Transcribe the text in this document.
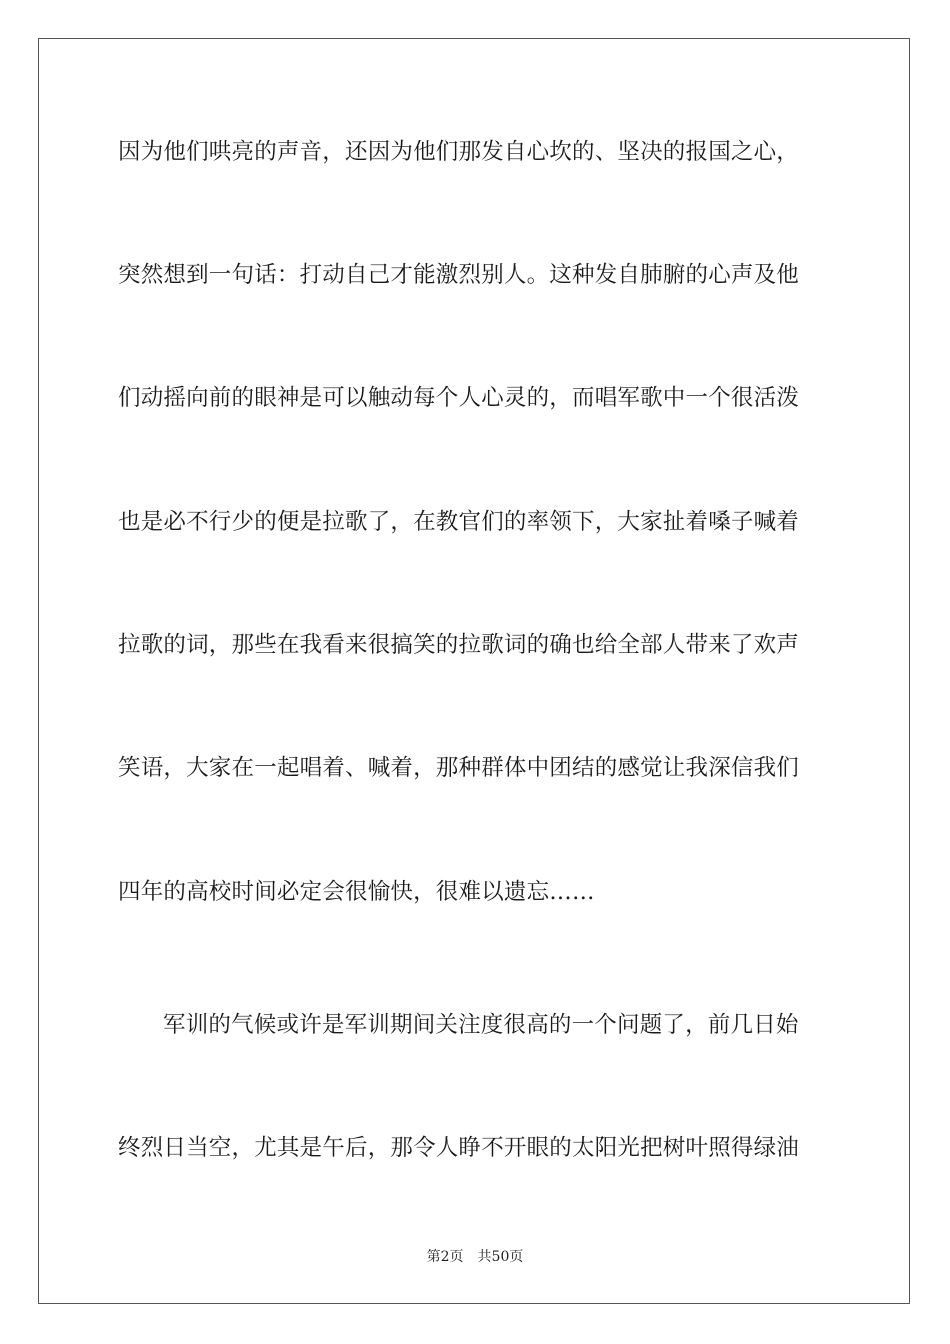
因为他们哄亮的声音，还因为他们那发自心坎的、坚决的报国之心，
突然想到一句话：打动自己才能激烈别人。这种发自肺腑的心声及他
们动摇向前的眼神是可以触动每个人心灵的，而唱军歌中一个很活泼
也是必不行少的便是拉歌了，在教官们的率领下，大家扯着嗓子喊着
拉歌的词，那些在我看来很搞笑的拉歌词的确也给全部人带来了欢声
笑语，大家在一起唱着、喊着，那种群体中团结的感觉让我深信我们
四年的高校时间必定会很愉快，很难以遗忘……
军训的气候或许是军训期间关注度很高的一个问题了，前几日始
终烈日当空，尤其是午后，那令人睁不开眼的太阳光把树叶照得绿油
第2页 共50页
